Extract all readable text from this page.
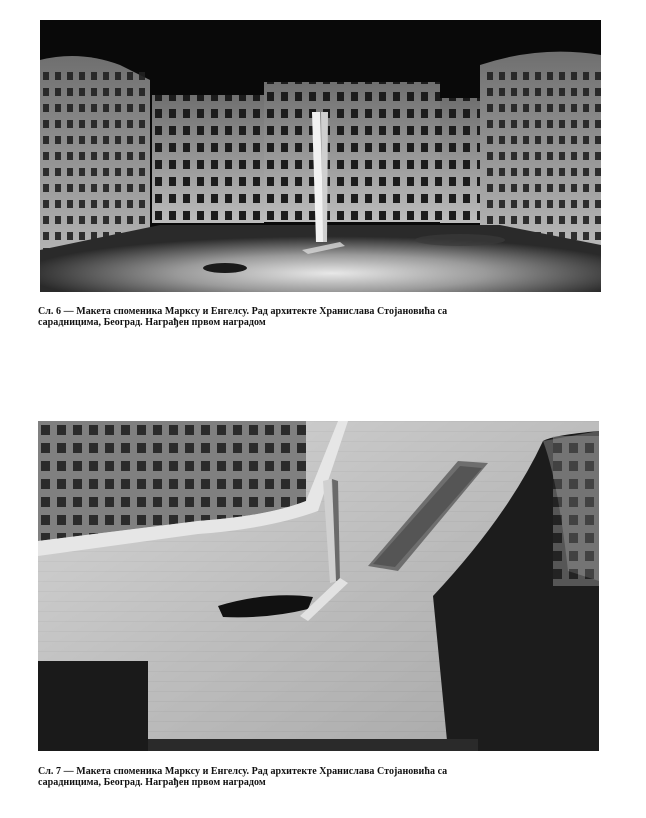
Сл. 6 — Макета споменика Марксу и Енгелсу. Рад архитекте Хранислава Стојановића са
сарадницима, Београд. Награђен првом наградом
Сл. 7 — Макета споменика Марксу и Енгелсу. Рад архитекте Хранислава Стојановића са
сарадницима, Београд. Награђен првом наградом
